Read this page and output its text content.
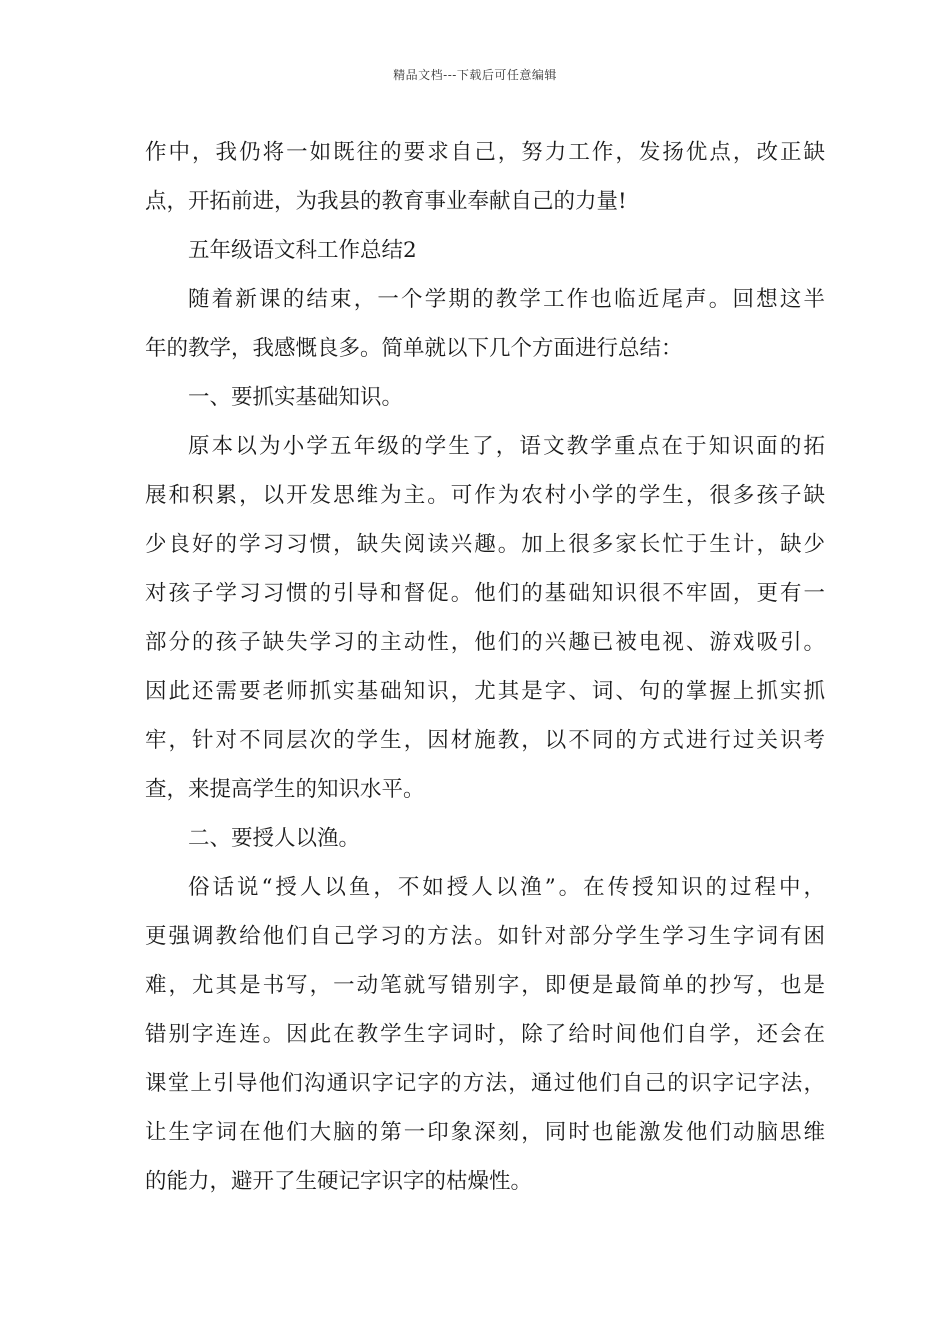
精品文档---下载后可任意编辑
作中，我仍将一如既往的要求自己，努力工作，发扬优点，改正缺
点，开拓前进，为我县的教育事业奉献自己的力量!
五年级语文科工作总结2
随着新课的结束，一个学期的教学工作也临近尾声。回想这半
年的教学，我感慨良多。简单就以下几个方面进行总结：
一、要抓实基础知识。
原本以为小学五年级的学生了，语文教学重点在于知识面的拓
展和积累，以开发思维为主。可作为农村小学的学生，很多孩子缺
少良好的学习习惯，缺失阅读兴趣。加上很多家长忙于生计，缺少
对孩子学习习惯的引导和督促。他们的基础知识很不牢固，更有一
部分的孩子缺失学习的主动性，他们的兴趣已被电视、游戏吸引。
因此还需要老师抓实基础知识，尤其是字、词、句的掌握上抓实抓
牢，针对不同层次的学生，因材施教，以不同的方式进行过关识考
查，来提高学生的知识水平。
二、要授人以渔。
俗话说“授人以鱼，不如授人以渔”。在传授知识的过程中，
更强调教给他们自己学习的方法。如针对部分学生学习生字词有困
难，尤其是书写，一动笔就写错别字，即便是最简单的抄写，也是
错别字连连。因此在教学生字词时，除了给时间他们自学，还会在
课堂上引导他们沟通识字记字的方法，通过他们自己的识字记字法，
让生字词在他们大脑的第一印象深刻，同时也能激发他们动脑思维
的能力，避开了生硬记字识字的枯燥性。
